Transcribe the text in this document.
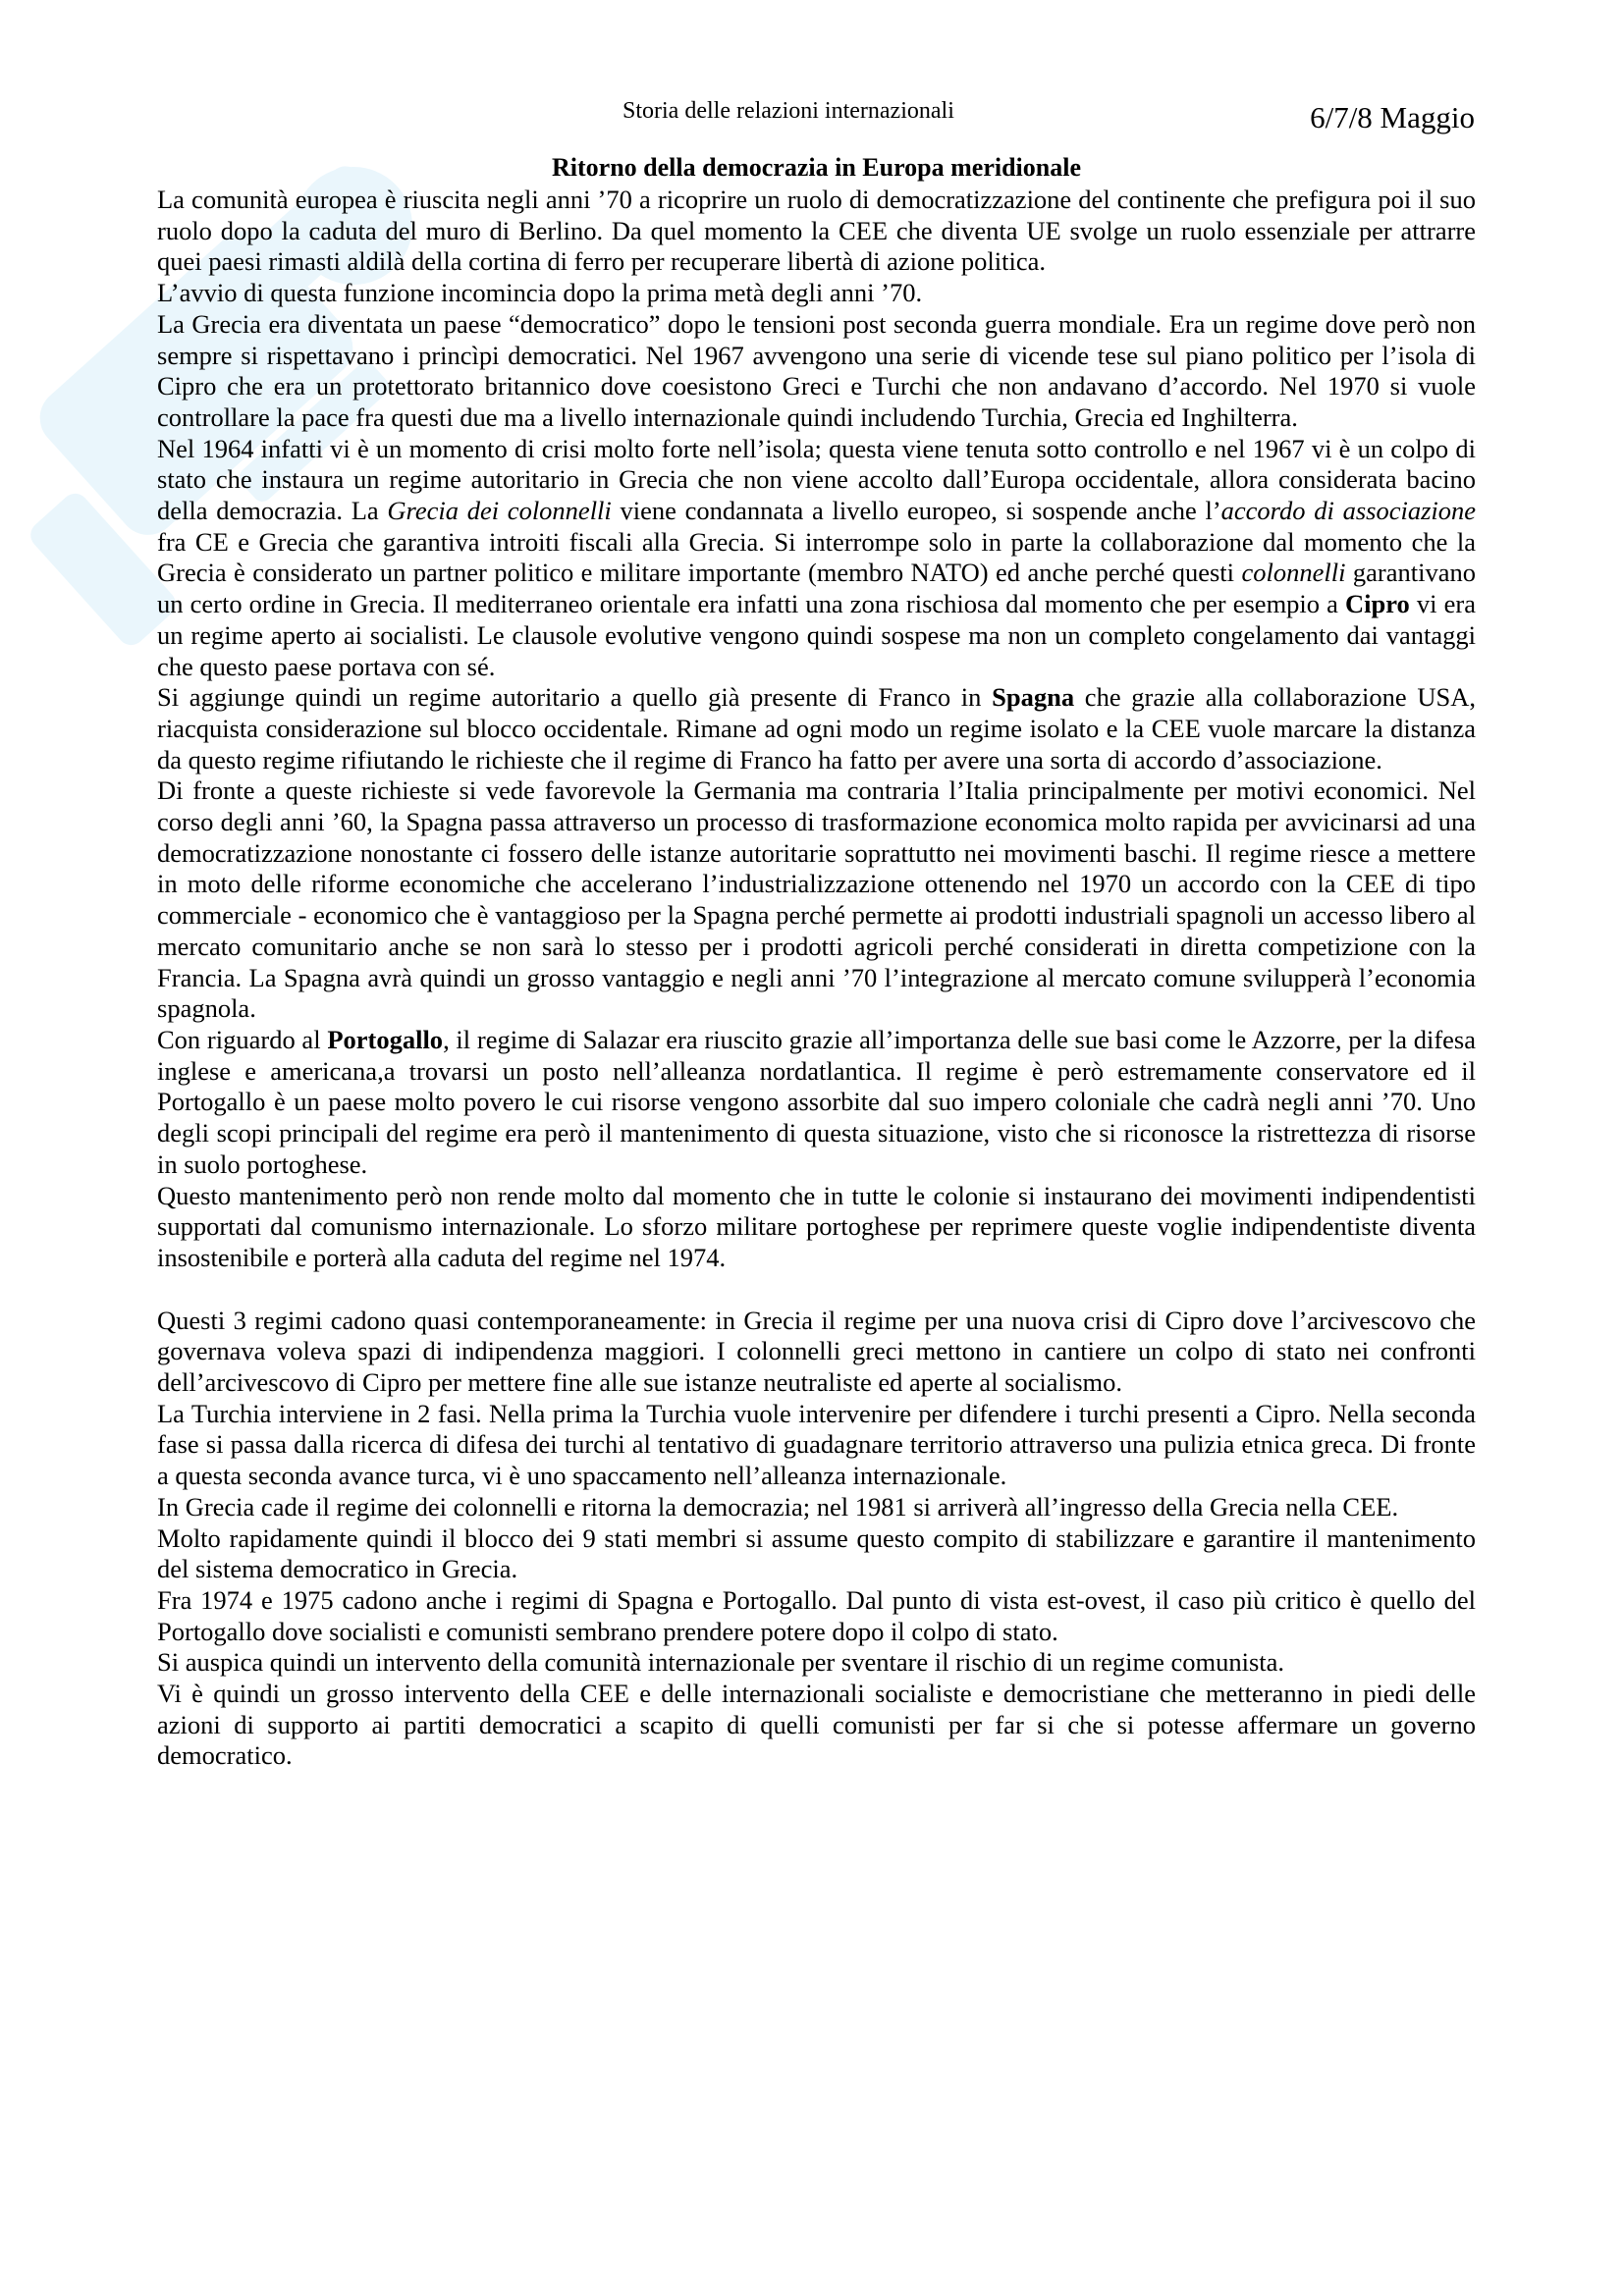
Storia delle relazioni internazionali	6/7/8 Maggio
Ritorno della democrazia in Europa meridionale

La comunità europea è riuscita negli anni ’70 a ricoprire un ruolo di democratizzazione del continente che prefigura poi il suo ruolo dopo la caduta del muro di Berlino. Da quel momento la CEE che diventa UE svolge un ruolo essenziale per attrarre quei paesi rimasti aldilà della cortina di ferro per recuperare libertà di azione politica.

L’avvio di questa funzione incomincia dopo la prima metà degli anni ’70.

La Grecia era diventata un paese “democratico” dopo le tensioni post seconda guerra mondiale. Era un regime dove però non sempre si rispettavano i princìpi democratici. Nel 1967 avvengono una serie di vicende tese sul piano politico per l’isola di Cipro che era un protettorato britannico dove coesistono Greci e Turchi che non andavano d’accordo. Nel 1970 si vuole controllare la pace fra questi due ma a livello internazionale quindi includendo Turchia, Grecia ed Inghilterra.

Nel 1964 infatti vi è un momento di crisi molto forte nell’isola; questa viene tenuta sotto controllo e nel 1967 vi è un colpo di stato che instaura un regime autoritario in Grecia che non viene accolto dall’Europa occidentale, allora considerata bacino della democrazia. La Grecia dei colonnelli viene condannata a livello europeo, si sospende anche l’accordo di associazione fra CE e Grecia che garantiva introiti fiscali alla Grecia. Si interrompe solo in parte la collaborazione dal momento che la Grecia è considerato un partner politico e militare importante (membro NATO) ed anche perché questi colonnelli garantivano un certo ordine in Grecia. Il mediterraneo orientale era infatti una zona rischiosa dal momento che per esempio a Cipro vi era un regime aperto ai socialisti. Le clausole evolutive vengono quindi sospese ma non un completo congelamento dai vantaggi che questo paese portava con sé.

Si aggiunge quindi un regime autoritario a quello già presente di Franco in Spagna che grazie alla collaborazione USA, riacquista considerazione sul blocco occidentale. Rimane ad ogni modo un regime isolato e la CEE vuole marcare la distanza da questo regime rifiutando le richieste che il regime di Franco ha fatto per avere una sorta di accordo d’associazione.

Di fronte a queste richieste si vede favorevole la Germania ma contraria l’Italia principalmente per motivi economici. Nel corso degli anni ’60, la Spagna passa attraverso un processo di trasformazione economica molto rapida per avvicinarsi ad una democratizzazione nonostante ci fossero delle istanze autoritarie soprattutto nei movimenti baschi. Il regime riesce a mettere in moto delle riforme economiche che accelerano l’industrializzazione ottenendo nel 1970 un accordo con la CEE di tipo commerciale - economico che è vantaggioso per la Spagna perché permette ai prodotti industriali spagnoli un accesso libero al mercato comunitario anche se non sarà lo stesso per i prodotti agricoli perché considerati in diretta competizione con la Francia. La Spagna avrà quindi un grosso vantaggio e negli anni ’70 l’integrazione al mercato comune svilupperà l’economia spagnola.

Con riguardo al Portogallo, il regime di Salazar era riuscito grazie all’importanza delle sue basi come le Azzorre, per la difesa inglese e americana,a trovarsi un posto nell’alleanza nordatlantica. Il regime è però estremamente conservatore ed il Portogallo è un paese molto povero le cui risorse vengono assorbite dal suo impero coloniale che cadrà negli anni ’70. Uno degli scopi principali del regime era però il mantenimento di questa situazione, visto che si riconosce la ristrettezza di risorse in suolo portoghese.

Questo mantenimento però non rende molto dal momento che in tutte le colonie si instaurano dei movimenti indipendentisti supportati dal comunismo internazionale. Lo sforzo militare portoghese per reprimere queste voglie indipendentiste diventa insostenibile e porterà alla caduta del regime nel 1974.

Questi 3 regimi cadono quasi contemporaneamente: in Grecia il regime per una nuova crisi di Cipro dove l’arcivescovo che governava voleva spazi di indipendenza maggiori. I colonnelli greci mettono in cantiere un colpo di stato nei confronti dell’arcivescovo di Cipro per mettere fine alle sue istanze neutraliste ed aperte al socialismo.

La Turchia interviene in 2 fasi. Nella prima la Turchia vuole intervenire per difendere i turchi presenti a Cipro. Nella seconda fase si passa dalla ricerca di difesa dei turchi al tentativo di guadagnare territorio attraverso una pulizia etnica greca. Di fronte a questa seconda avance turca, vi è uno spaccamento nell’alleanza internazionale.

In Grecia cade il regime dei colonnelli e ritorna la democrazia; nel 1981 si arriverà all’ingresso della Grecia nella CEE.

Molto rapidamente quindi il blocco dei 9 stati membri si assume questo compito di stabilizzare e garantire il mantenimento del sistema democratico in Grecia.

Fra 1974 e 1975 cadono anche i regimi di Spagna e Portogallo. Dal punto di vista est-ovest, il caso più critico è quello del Portogallo dove socialisti e comunisti sembrano prendere potere dopo il colpo di stato.

Si auspica quindi un intervento della comunità internazionale per sventare il rischio di un regime comunista.

Vi è quindi un grosso intervento della CEE e delle internazionali socialiste e democristiane che metteranno in piedi delle azioni di supporto ai partiti democratici a scapito di quelli comunisti per far si che si potesse affermare un governo democratico.
